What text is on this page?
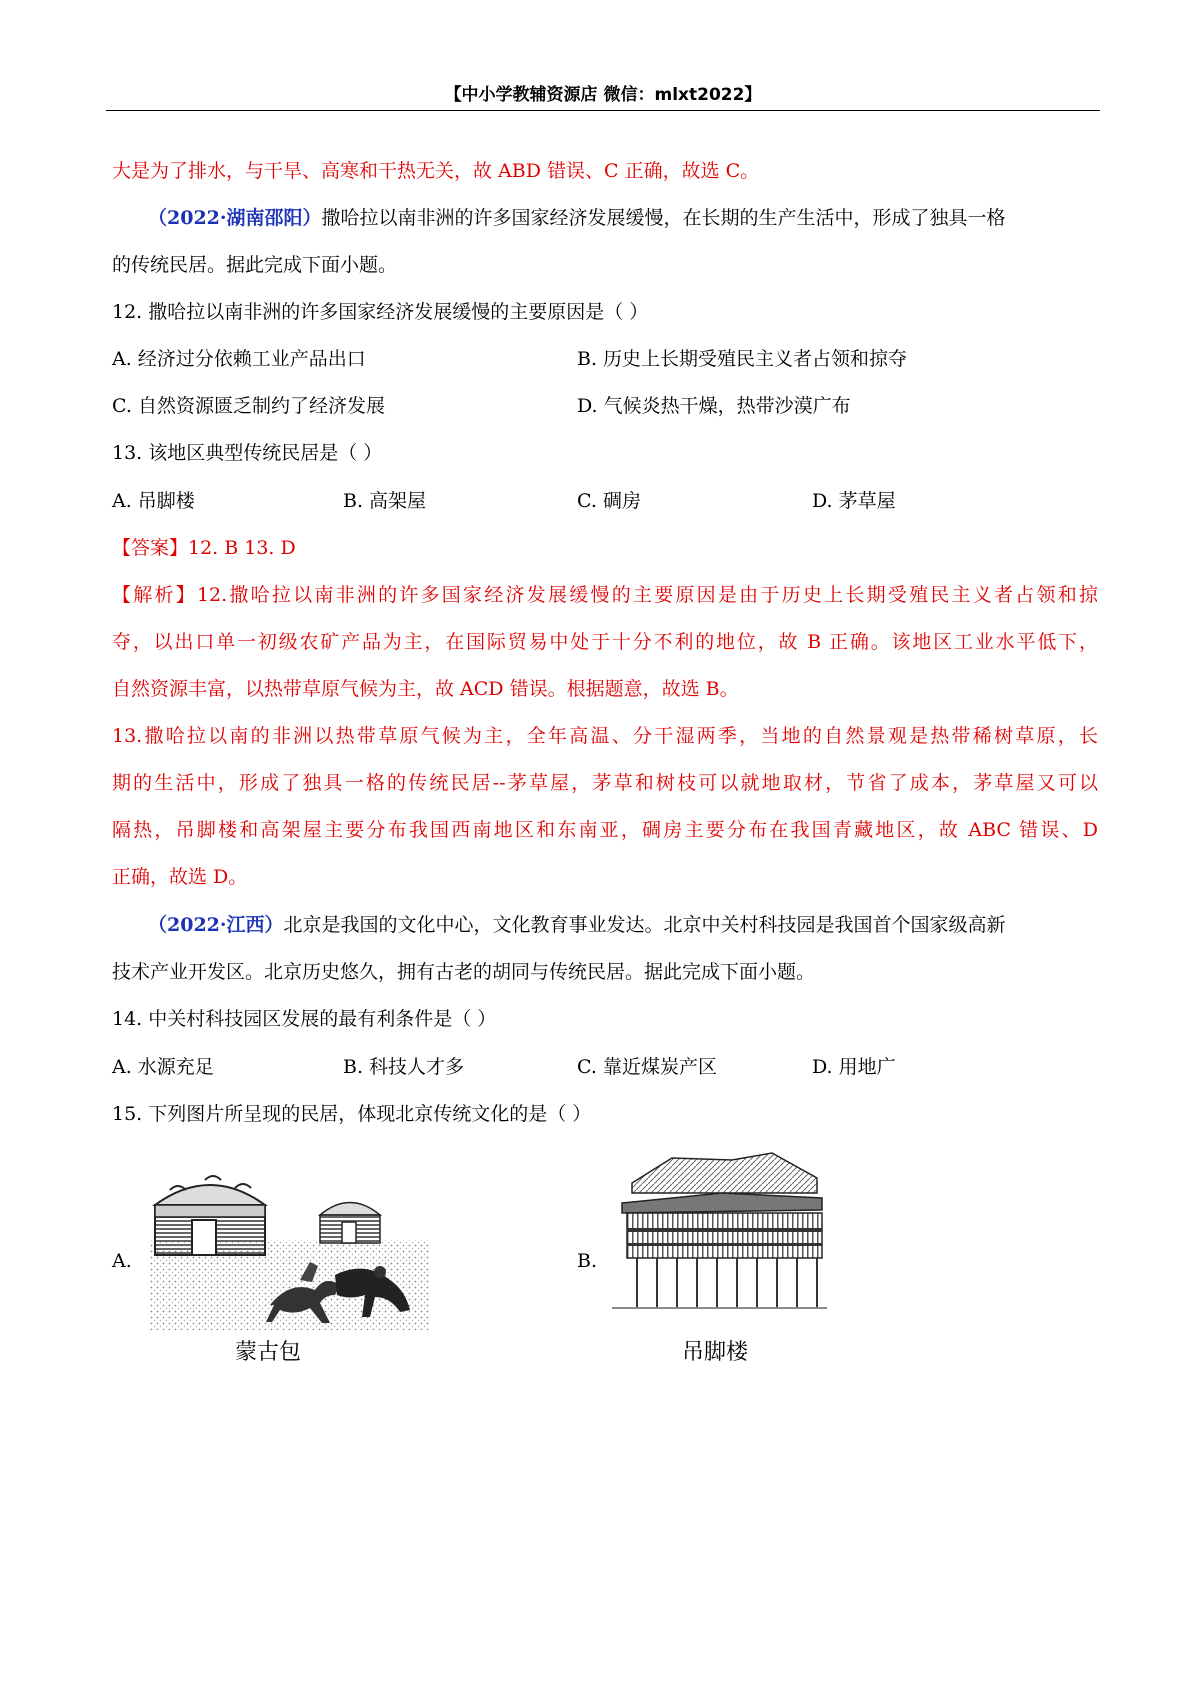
【中小学教辅资源店 微信：mlxt2022】
大是为了排水，与干旱、高寒和干热无关，故 ABD 错误、C 正确，故选 C。
（2022·湖南邵阳）撒哈拉以南非洲的许多国家经济发展缓慢，在长期的生产生活中，形成了独具一格
的传统民居。据此完成下面小题。
12. 撒哈拉以南非洲的许多国家经济发展缓慢的主要原因是（ ）
A. 经济过分依赖工业产品出口	B. 历史上长期受殖民主义者占领和掠夺
C. 自然资源匮乏制约了经济发展	D. 气候炎热干燥，热带沙漠广布
13. 该地区典型传统民居是（ ）
A. 吊脚楼	B. 高架屋	C. 碉房	D. 茅草屋
【答案】12. B 13. D
【解析】12.撒哈拉以南非洲的许多国家经济发展缓慢的主要原因是由于历史上长期受殖民主义者占领和掠
夺，以出口单一初级农矿产品为主，在国际贸易中处于十分不利的地位，故 B 正确。该地区工业水平低下，
自然资源丰富，以热带草原气候为主，故 ACD 错误。根据题意，故选 B。
13.撒哈拉以南的非洲以热带草原气候为主，全年高温、分干湿两季，当地的自然景观是热带稀树草原，长
期的生活中，形成了独具一格的传统民居--茅草屋，茅草和树枝可以就地取材，节省了成本，茅草屋又可以
隔热，吊脚楼和高架屋主要分布我国西南地区和东南亚，碉房主要分布在我国青藏地区，故 ABC 错误、D
正确，故选 D。
（2022·江西）北京是我国的文化中心，文化教育事业发达。北京中关村科技园是我国首个国家级高新
技术产业开发区。北京历史悠久，拥有古老的胡同与传统民居。据此完成下面小题。
14. 中关村科技园区发展的最有利条件是（ ）
A. 水源充足	B. 科技人才多	C. 靠近煤炭产区	D. 用地广
15. 下列图片所呈现的民居，体现北京传统文化的是（ ）
A.
蒙古包
B.
吊脚楼
